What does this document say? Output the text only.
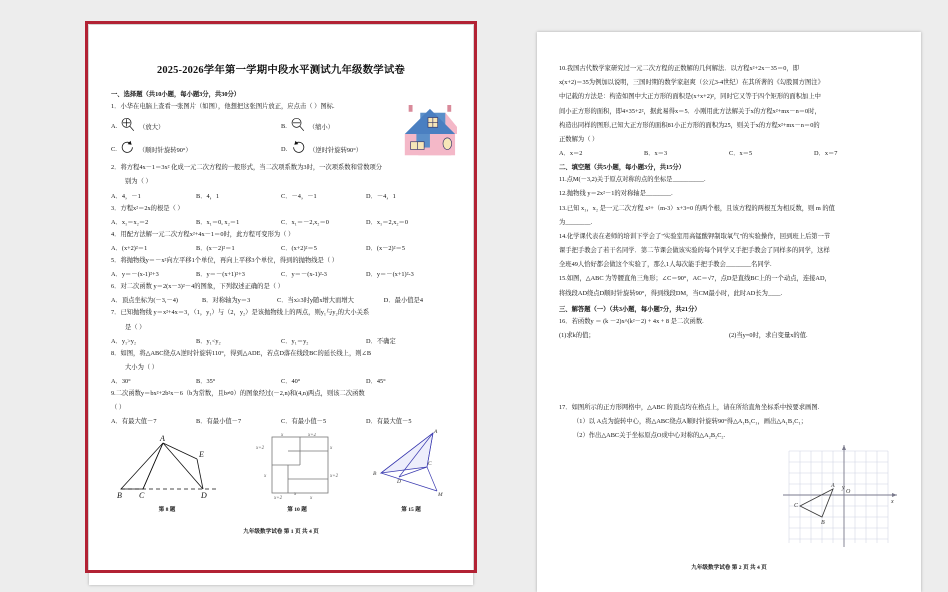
2025-2026学年第一学期中段水平测试九年级数学试卷
一、选择题（共10小题，每小题3分，共30分）
1．小华在电脑上查看一张图片（如图），他想把这张图片放正，应点击（ ）图标.
A.	（放大）	B.	（缩小）
C.	（顺时针旋转90°）	D.	（逆时针旋转90°）
2．将方程4x－1＝3x² 化成一元二次方程的一般形式，当二次项系数为3时，一次项系数和常数项分
别为（ ）
A．4，－1	B．4，1	C．－4，－1	D．－4，1
3．方程x²＝2x的根是（ ）
A．x₁＝x₂＝2	B．x₁＝0, x₂＝1	C．x₁＝－2,x₂＝0	D．x₁＝2,x₂＝0
4．用配方法解一元二次方程x²+4x－1＝0时，此方程可变形为（ ）
A．(x+2)²＝1	B．(x－2)²＝1	C．(x+2)²＝5	D．(x－2)²＝5
5．将抛物线y＝－x²向左平移1个单位，再向上平移3个单位，得到的抛物线是（ ）
A．y＝－(x-1)²+3	B．y＝－(x+1)²+3	C．y＝－(x-1)²-3	D．y＝－(x+1)²-3
6．对二次函数 y＝2(x－3)²－4的图象，下列叙述正确的是（ ）
A．顶点坐标为(－3,－4)	B．对称轴为y＝3	C．当x≥3时y随x增大而增大	D．最小值是4
7．已知抛物线 y＝x²+4x＝3，（1，y₁）与（2，y₂）是该抛物线上的两点，则y₁与y₂的大小关系
是（ ）
A．y₁>y₂	B．y₁<y₂	C．y₁＝y₂	D．不确定
8．如图，将△ABC绕点A逆时针旋转110°，得到△ADE，若点D落在线段BC的延长线上，则∠B
大小为（ ）
A．30°	B．35°	C．40°	D．45°
9.二次函数y＝bx²+2b²x－6（b为常数，且b≠0）的图象经过(－2,n)和(4,n)两点，则该二次函数
（ ）
A．有最大值－7	B．有最小值－7	C．有最小值－5	D．有最大值－5
A
E
B C	D
第 8 题
x	x+2
x
x+2
x+2
x
x+2	x
x
第 10 题
A
B
C
D
M
第 15 题
九年级数学试卷 第 1 页 共 4 页
10.我国古代数学家研究过一元二次方程的正数解的几何解法．以方程x²+2x－35＝0，即
x(x+2)＝35为例加以说明，三国时期的数学家赵爽（公元3-4世纪）在其所著的《勾股圆方图注》
中记载的方法是：构造如图中大正方形的面积是(x+x+2)²，同时它又等于四个矩形的面积加上中
间小正方形的面积，即4×35+2²，据此易得x＝5．小刚用此方法解关于x的方程x²+mx－n＝0时，
构造出同样的图形,已知大正方形的面积81小正方形的面积为25，则关于x的方程x²+mx－n＝0的
正数解为（ ）
A．x＝2	B．x＝3	C．x＝5	D．x＝7
二、填空题（共5小题，每小题3分，共15分）
11.点M(－3,2)关于原点对称的点的坐标是__________.
12.抛物线 y＝2x²－1的对称轴是________.
13.已知 x₁，x₂ 是一元二次方程 x²+（m-3）x+3=0 的两个根，且该方程的两根互为相反数，则 m 的值
为________.
14.化学课代表在老师的培训下学会了"实验室用高锰酸钾制取氧气"的实验操作，回到班上后第一节
课手把手教会了若干名同学．第二节课会做该实验的每个同学又手把手教会了同样多的同学，这样
全班49人恰好都会做这个实验了，那么1人每次能手把手教会________名同学.
15.如图，△ABC 为等腰直角三角形；∠C＝90°，AC＝√7，点D是直线BC上的一个动点，连接AD，
将线段AD绕点D顺时针旋转90°，得到线段DM，当CM最小时，此时AD长为____.
三、解答题（一）（共3小题，每小题7分，共21分）
16．若函数y ＝ (k －2)x^(k²－2) + 4x + 8 是二次函数.
(1)求k的值；	(2)当y=0时，求自变量x的值.
17．如图所示的正方形网格中，△ABC 的顶点均在格点上，请在所给直角坐标系中按要求画图.
（1）以 A点为旋转中心，将△ABC绕点A顺时针旋转90°得△A₁B₁C₁，画出△A₁B₁C₁；
（2）作出△ABC关于坐标原点O成中心对称的△A₂B₂C₂.
y
x
O
A
C
B
九年级数学试卷 第 2 页 共 4 页
